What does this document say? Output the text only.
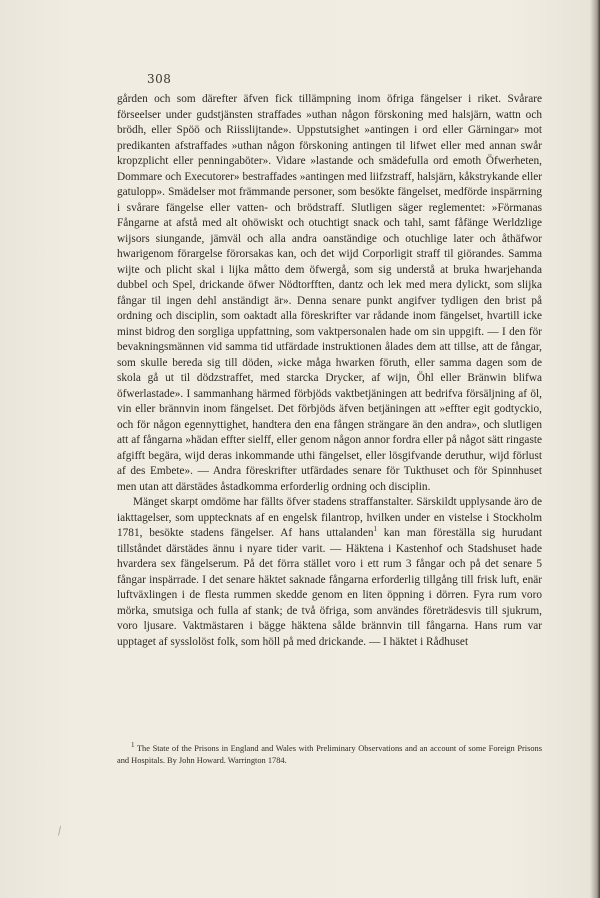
308

gården och som därefter äfven fick tillämpning inom öfriga fängelser i riket. Svårare förseelser under gudstjänsten straffades »uthan någon förskoning med halsjärn, wattn och brödh, eller Spöö och Riisslijtande». Uppstutsighet »antingen i ord eller Gärningar» mot predikanten afstraffades »uthan någon förskoning antingen til lifwet eller med annan swår kropzplicht eller penningaböter». Vidare »lastande och smädefulla ord emoth Öfwerheten, Dommare och Executorer» bestraffades »antingen med liifzstraff, halsjärn, kåkstrykande eller gatulopp». Smädelser mot främmande personer, som besökte fängelset, medförde inspärrning i svårare fängelse eller vatten- och brödstraff. Slutligen säger reglementet: »Förmanas Fångarne at afstå med alt ohöwiskt och otuchtigt snack och tahl, samt fåfänge Werldzlige wijsors siungande, jämväl och alla andra oanständige och otuchlige later och åthäfwor hwarigenom förargelse förorsakas kan, och det wijd Corporligit straff til giörandes. Samma wijte och plicht skal i lijka måtto dem öfwergå, som sig understå at bruka hwarjehanda dubbel och Spel, drickande öfwer Nödtorfften, dantz och lek med mera dylickt, som slijka fångar til ingen dehl anständigt är». Denna senare punkt angifver tydligen den brist på ordning och disciplin, som oaktadt alla föreskrifter var rådande inom fängelset, hvartill icke minst bidrog den sorgliga uppfattning, som vaktpersonalen hade om sin uppgift. — I den för bevakningsmännen vid samma tid utfärdade instruktionen ålades dem att tillse, att de fångar, som skulle bereda sig till döden, »icke måga hwarken föruth, eller samma dagen som de skola gå ut til dödzstraffet, med starcka Drycker, af wijn, Öhl eller Bränwin blifwa öfwerlastade». I sammanhang härmed förbjöds vaktbetjäningen att bedrifva försäljning af öl, vin eller brännvin inom fängelset. Det förbjöds äfven betjäningen att »effter egit godtyckio, och för någon egennyttighet, handtera den ena fången strängare än den andra», och slutligen att af fångarna »hädan effter sielff, eller genom någon annor fordra eller på något sätt ringaste afgifft begära, wijd deras inkommande uthi fängelset, eller lösgifvande deruthur, wijd förlust af des Embete». — Andra föreskrifter utfärdades senare för Tukthuset och för Spinnhuset men utan att därstädes åstadkomma erforderlig ordning och disciplin.

Mänget skarpt omdöme har fällts öfver stadens straffanstalter. Särskildt upplysande äro de iakttagelser, som upptecknats af en engelsk filantrop, hvilken under en vistelse i Stockholm 1781, besökte stadens fängelser. Af hans uttalanden$^1$ kan man föreställa sig hurudant tillståndet därstädes ännu i nyare tider varit. — Häktena i Kastenhof och Stadshuset hade hvardera sex fängelserum. På det förra stället voro i ett rum 3 fångar och på det senare 5 fångar inspärrade. I det senare häktet saknade fångarna erforderlig tillgång till frisk luft, enär luftväxlingen i de flesta rummen skedde genom en liten öppning i dörren. Fyra rum voro mörka, smutsiga och fulla af stank; de två öfriga, som användes företrädesvis till sjukrum, voro ljusare. Vaktmästaren i bägge häktena sålde brännvin till fångarna. Hans rum var upptaget af sysslolöst folk, som höll på med drickande. — I häktet i Rådhuset

$^1$ The State of the Prisons in England and Wales with Preliminary Observations and an account of some Foreign Prisons and Hospitals. By John Howard. Warrington 1784.
